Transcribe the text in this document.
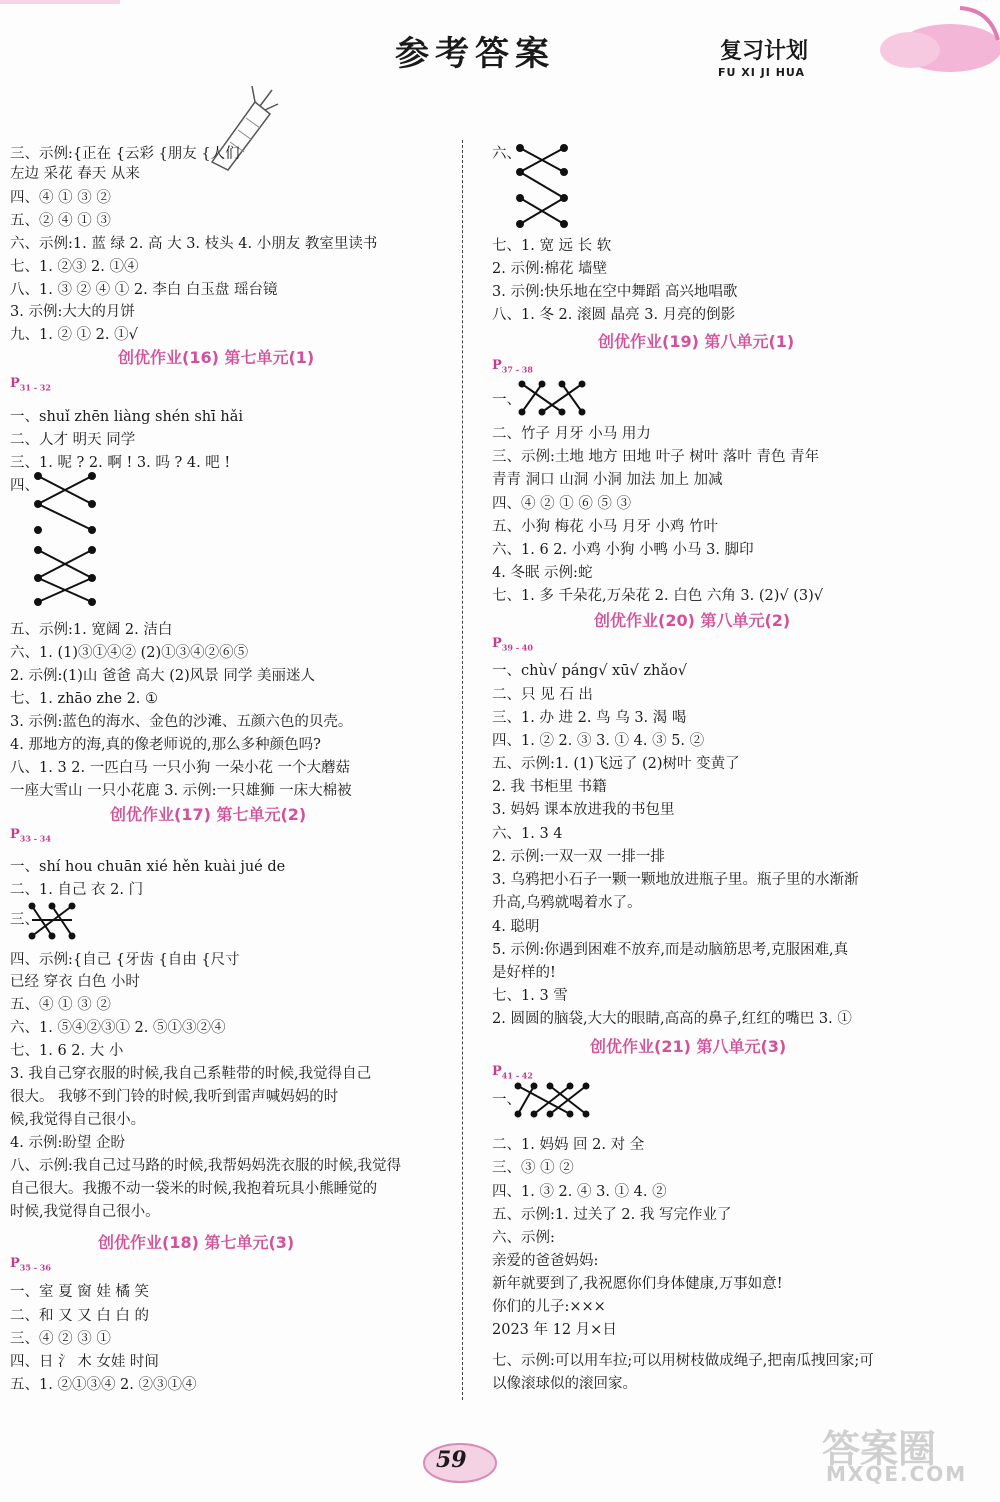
参考答案	复习计划
FU XI JI HUA
三、示例:{正在 {云彩 {朋友 {人们
左边 采花 春天 从来
四、④ ① ③ ②
五、② ④ ① ③
六、示例:1. 蓝 绿 2. 高 大 3. 枝头 4. 小朋友 教室里读书
七、1. ②③ 2. ①④
八、1. ③ ② ④ ① 2. 李白 白玉盘 瑶台镜
3. 示例:大大的月饼
九、1. ② ① 2. ①√
一、shuǐ zhēn liàng shén shī hǎi
二、人才 明天 同学
三、1. 呢 ? 2. 啊 ! 3. 吗 ? 4. 吧 !
四、
五、示例:1. 宽阔 2. 洁白
六、1. (1)③①④② (2)①③④②⑥⑤
2. 示例:(1)山 爸爸 高大 (2)风景 同学 美丽迷人
七、1. zhāo zhe 2. ①
3. 示例:蓝色的海水、金色的沙滩、五颜六色的贝壳。
4. 那地方的海,真的像老师说的,那么多种颜色吗?
八、1. 3 2. 一匹白马 一只小狗 一朵小花 一个大蘑菇
一座大雪山 一只小花鹿 3. 示例:一只雄狮 一床大棉被
一、shí hou chuān xié hěn kuài jué de
二、1. 自己 衣 2. 门
三、
四、示例:{自己 {牙齿 {自由 {尺寸
已经 穿衣 白色 小时
五、④ ① ③ ②
六、1. ⑤④②③① 2. ⑤①③②④
七、1. 6 2. 大 小
3. 我自己穿衣服的时候,我自己系鞋带的时候,我觉得自己
很大。 我够不到门铃的时候,我听到雷声喊妈妈的时
候,我觉得自己很小。
4. 示例:盼望 企盼
八、示例:我自己过马路的时候,我帮妈妈洗衣服的时候,我觉得
自己很大。我搬不动一袋米的时候,我抱着玩具小熊睡觉的
时候,我觉得自己很小。
一、室 夏 窗 娃 橘 笑
二、和 又 又 白 白 的
三、④ ② ③ ①
四、日 氵 木 女娃 时间
五、1. ②①③④ 2. ②③①④
创优作业(16) 第七单元(1)
创优作业(17) 第七单元(2)
创优作业(18) 第七单元(3)
$P_{31 - 32}$
$P_{33 - 34}$
$P_{35 - 36}$
六、
七、1. 宽 远 长 软
2. 示例:棉花 墙壁
3. 示例:快乐地在空中舞蹈 高兴地唱歌
八、1. 冬 2. 滚圆 晶亮 3. 月亮的倒影
一、
二、竹子 月牙 小马 用力
三、示例:土地 地方 田地 叶子 树叶 落叶 青色 青年
青青 洞口 山洞 小洞 加法 加上 加减
四、④ ② ① ⑥ ⑤ ③
五、小狗 梅花 小马 月牙 小鸡 竹叶
六、1. 6 2. 小鸡 小狗 小鸭 小马 3. 脚印
4. 冬眠 示例:蛇
七、1. 多 千朵花,万朵花 2. 白色 六角 3. (2)√ (3)√
一、chù√ páng√ xū√ zhǎo√
二、只 见 石 出
三、1. 办 进 2. 鸟 乌 3. 渴 喝
四、1. ② 2. ③ 3. ① 4. ③ 5. ②
五、示例:1. (1)飞远了 (2)树叶 变黄了
2. 我 书柜里 书籍
3. 妈妈 课本放进我的书包里
六、1. 3 4
2. 示例:一双一双 一排一排
3. 乌鸦把小石子一颗一颗地放进瓶子里。瓶子里的水渐渐
升高,乌鸦就喝着水了。
4. 聪明
5. 示例:你遇到困难不放弃,而是动脑筋思考,克服困难,真
是好样的!
七、1. 3 雪
2. 圆圆的脑袋,大大的眼睛,高高的鼻子,红红的嘴巴 3. ①
一、
二、1. 妈妈 回 2. 对 全
三、③ ① ②
四、1. ③ 2. ④ 3. ① 4. ②
五、示例:1. 过关了 2. 我 写完作业了
六、示例:
亲爱的爸爸妈妈:
新年就要到了,我祝愿你们身体健康,万事如意!
你们的儿子:×××
2023 年 12 月×日
七、示例:可以用车拉;可以用树枝做成绳子,把南瓜拽回家;可
以像滚球似的滚回家。
创优作业(19) 第八单元(1)
创优作业(20) 第八单元(2)
创优作业(21) 第八单元(3)
$P_{37 - 38}$
$P_{39 - 40}$
$P_{41 - 42}$
59	答案圈
MXQE.COM
